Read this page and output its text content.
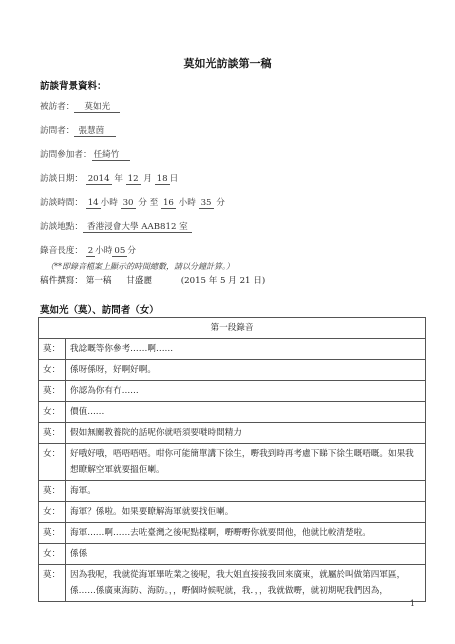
莫如光訪談第一稿
訪談背景資料：
被訪者： 莫如光
訪問者： 張慧茵
訪問參加者： 任綺竹
訪談日期： 2014 年 12 月 18 日
訪談時間： 14 小時 30 分 至 16 小時 35 分
訪談地點： 香港浸會大學 AAB812 室
錄音長度： 2 小時 05 分
（**即錄音檔案上顯示的時間總數，請以分鐘計算。）
稿件撰寫： 第一稿 甘盛麗	(2015 年 5 月 21 日)
莫如光（莫）、訪問者（女）
第一段錄音	
莫：	我諗嘅等你參考……啊……
女：	係呀係呀，好啊好啊。
莫：	你認為你有冇……
女：	價值……
莫：	假如無關教養院的話呢你就唔須要嘥時間精力
女：	好哦好哦，唔唔唔唔。咁你可能簡單講下徐生，嘢我到時再考慮下睇下徐生嘅唔嘅。如果我想瞭解空軍就要搵佢喇。
莫：	海軍。
女：	海軍？係啦。如果要瞭解海軍就要找佢喇。
莫：	海軍……啊……去咗臺灣之後呢點樣啊，嘢嘢嘢你就要問他，他就比較清楚啦。
女：	係係
莫：	因為我呢，我就從海軍畢咗業之後呢，我大姐直接接我回來廣東，就屬於叫做第四軍區，係……係廣東海防、海防。，，嘢個時候呢就，我．，，我就做嘢，就初期呢我們因為，
1
